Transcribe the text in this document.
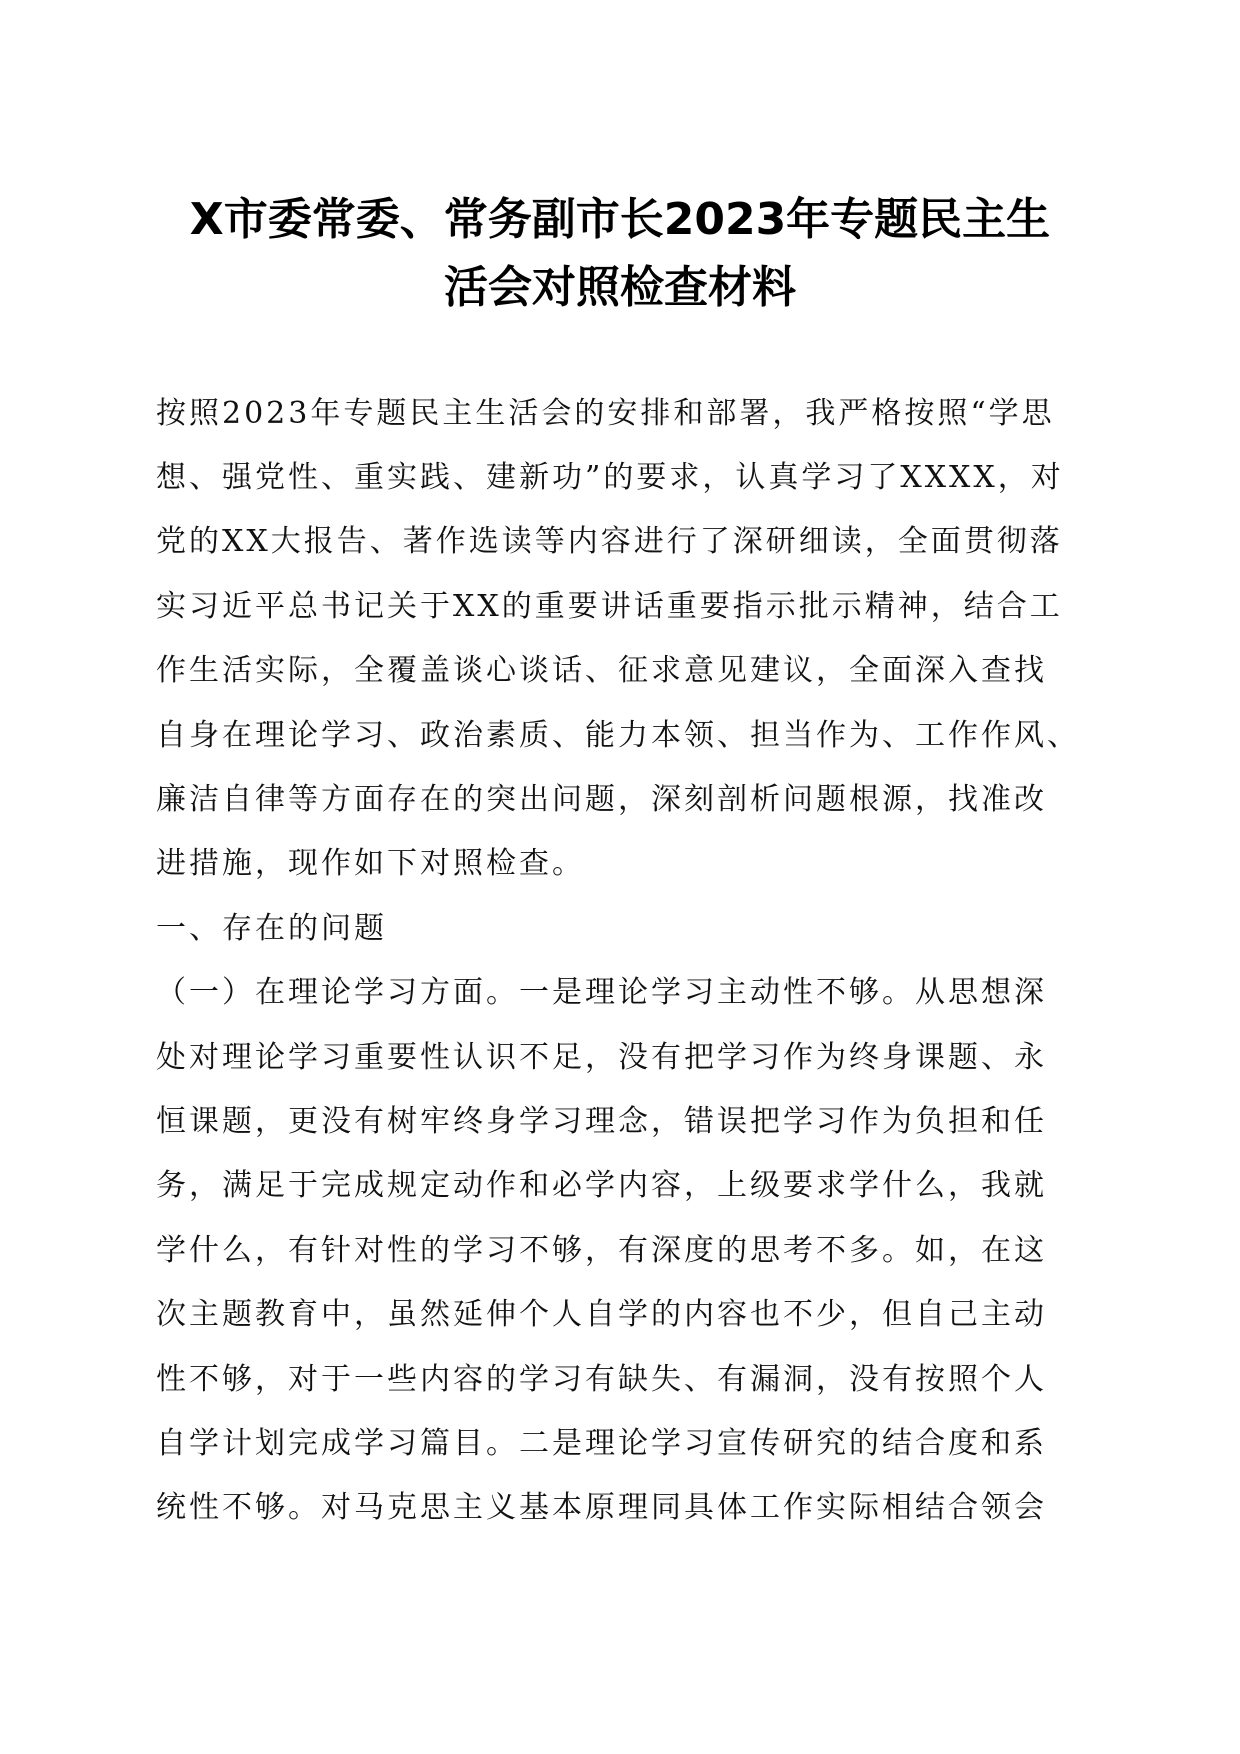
X市委常委、常务副市长2023年专题民主生
活会对照检查材料
按照2023年专题民主生活会的安排和部署，我严格按照“学思
想、强党性、重实践、建新功”的要求，认真学习了XXXX，对
党的XX大报告、著作选读等内容进行了深研细读，全面贯彻落
实习近平总书记关于XX的重要讲话重要指示批示精神，结合工
作生活实际，全覆盖谈心谈话、征求意见建议，全面深入查找
自身在理论学习、政治素质、能力本领、担当作为、工作作风、
廉洁自律等方面存在的突出问题，深刻剖析问题根源，找准改
进措施，现作如下对照检查。
一、存在的问题
（一）在理论学习方面。一是理论学习主动性不够。从思想深
处对理论学习重要性认识不足，没有把学习作为终身课题、永
恒课题，更没有树牢终身学习理念，错误把学习作为负担和任
务，满足于完成规定动作和必学内容，上级要求学什么，我就
学什么，有针对性的学习不够，有深度的思考不多。如，在这
次主题教育中，虽然延伸个人自学的内容也不少，但自己主动
性不够，对于一些内容的学习有缺失、有漏洞，没有按照个人
自学计划完成学习篇目。二是理论学习宣传研究的结合度和系
统性不够。对马克思主义基本原理同具体工作实际相结合领会
